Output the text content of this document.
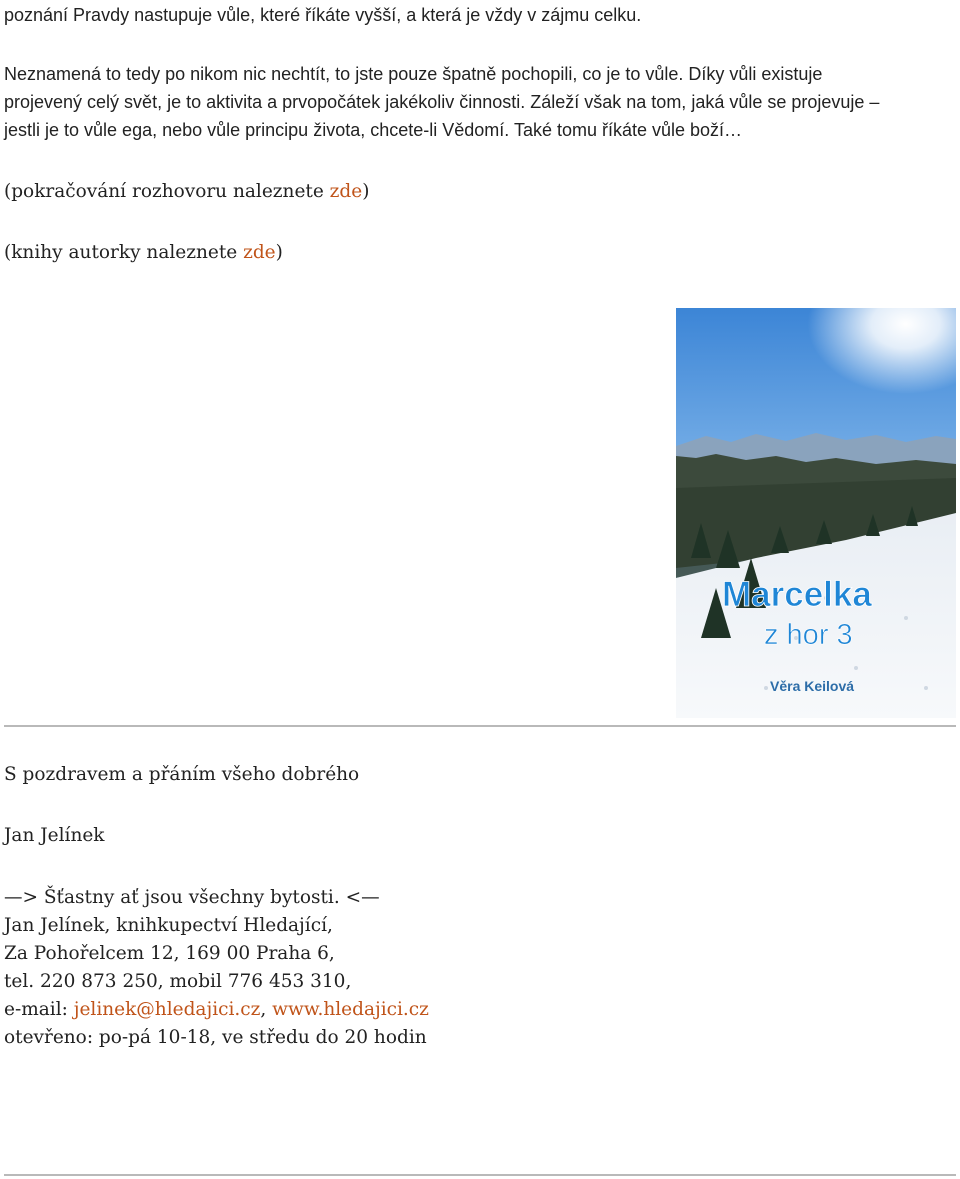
poznání Pravdy nastupuje vůle, které říkáte vyšší, a která je vždy v zájmu celku.
Neznamená to tedy po nikom nic nechtít, to jste pouze špatně pochopili, co je to vůle. Díky vůli existuje
projevený celý svět, je to aktivita a prvopočátek jakékoliv činnosti. Záleží však na tom, jaká vůle se projevuje –
jestli je to vůle ega, nebo vůle principu života, chcete-li Vědomí. Také tomu říkáte vůle boží…
(pokračování rozhovoru naleznete zde)
(knihy autorky naleznete zde)
Marcelka
z hor 3
Věra Keilová
S pozdravem a přáním všeho dobrého
Jan Jelínek
—> Šťastny ať jsou všechny bytosti. <—
Jan Jelínek, knihkupectví Hledající,
Za Pohořelcem 12, 169 00 Praha 6,
tel. 220 873 250, mobil 776 453 310,
e-mail: jelinek@hledajici.cz, www.hledajici.cz
otevřeno: po-pá 10-18, ve středu do 20 hodin
